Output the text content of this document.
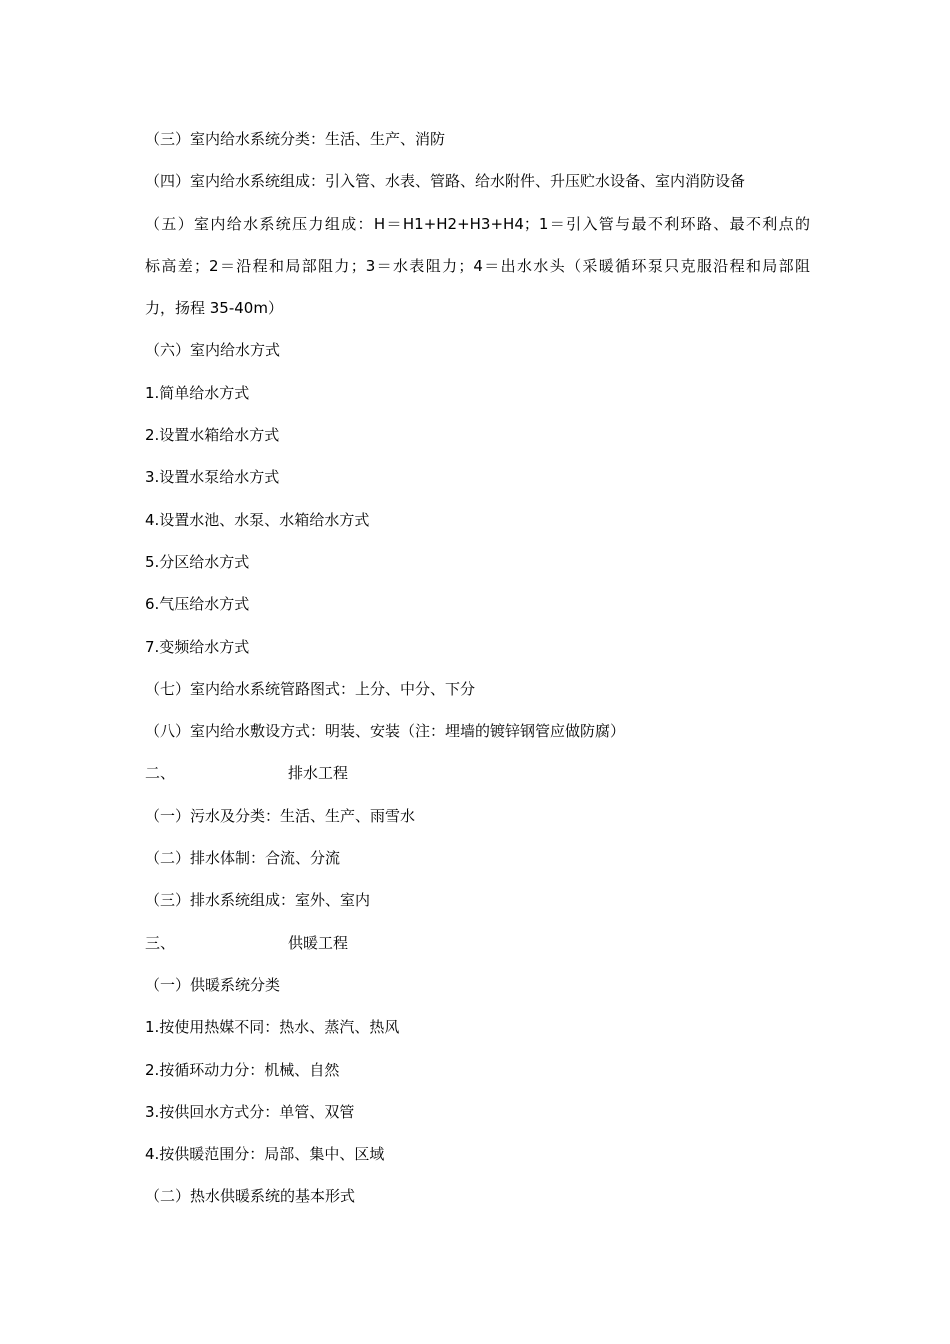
（三）室内给水系统分类：生活、生产、消防
（四）室内给水系统组成：引入管、水表、管路、给水附件、升压贮水设备、室内消防设备
（五）室内给水系统压力组成：H＝H1+H2+H3+H4；1＝引入管与最不利环路、最不利点的
标高差；2＝沿程和局部阻力；3＝水表阻力；4＝出水水头（采暖循环泵只克服沿程和局部阻
力，扬程 35-40m）
（六）室内给水方式
1.简单给水方式
2.设置水箱给水方式
3.设置水泵给水方式
4.设置水池、水泵、水箱给水方式
5.分区给水方式
6.气压给水方式
7.变频给水方式
（七）室内给水系统管路图式：上分、中分、下分
（八）室内给水敷设方式：明装、安装（注：埋墙的镀锌钢管应做防腐）
二、	排水工程
（一）污水及分类：生活、生产、雨雪水
（二）排水体制：合流、分流
（三）排水系统组成：室外、室内
三、	供暖工程
（一）供暖系统分类
1.按使用热媒不同：热水、蒸汽、热风
2.按循环动力分：机械、自然
3.按供回水方式分：单管、双管
4.按供暖范围分：局部、集中、区域
（二）热水供暖系统的基本形式
